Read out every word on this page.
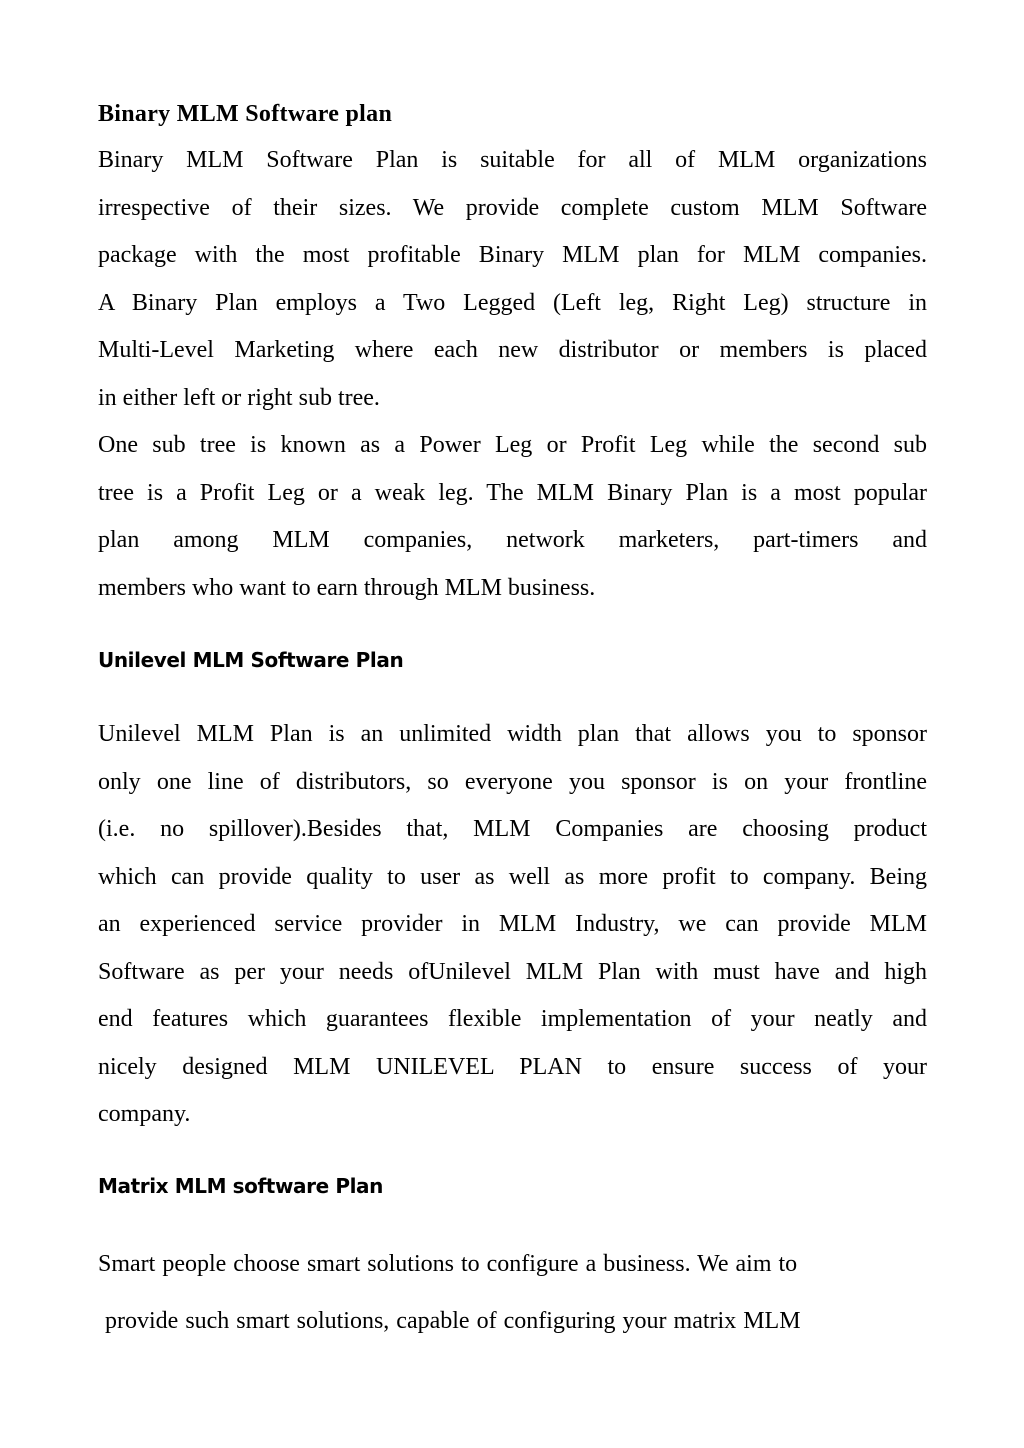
Binary MLM Software plan
Binary MLM Software Plan is suitable for all of MLM organizations
irrespective of their sizes. We provide complete custom MLM Software
package with the most profitable Binary MLM plan for MLM companies.
A Binary Plan employs a Two Legged (Left leg, Right Leg) structure in
Multi-Level Marketing where each new distributor or members is placed
in either left or right sub tree.
One sub tree is known as a Power Leg or Profit Leg while the second sub
tree is a Profit Leg or a weak leg. The MLM Binary Plan is a most popular
plan among MLM companies, network marketers, part-timers and
members who want to earn through MLM business.
Unilevel MLM Software Plan
Unilevel MLM Plan is an unlimited width plan that allows you to sponsor
only one line of distributors, so everyone you sponsor is on your frontline
(i.e. no spillover).Besides that, MLM Companies are choosing product
which can provide quality to user as well as more profit to company. Being
an experienced service provider in MLM Industry, we can provide MLM
Software as per your needs ofUnilevel MLM Plan with must have and high
end features which guarantees flexible implementation of your neatly and
nicely designed MLM UNILEVEL PLAN to ensure success of your
company.
Matrix MLM software Plan
Smart people choose smart solutions to configure a business. We aim to
provide such smart solutions, capable of configuring your matrix MLM
